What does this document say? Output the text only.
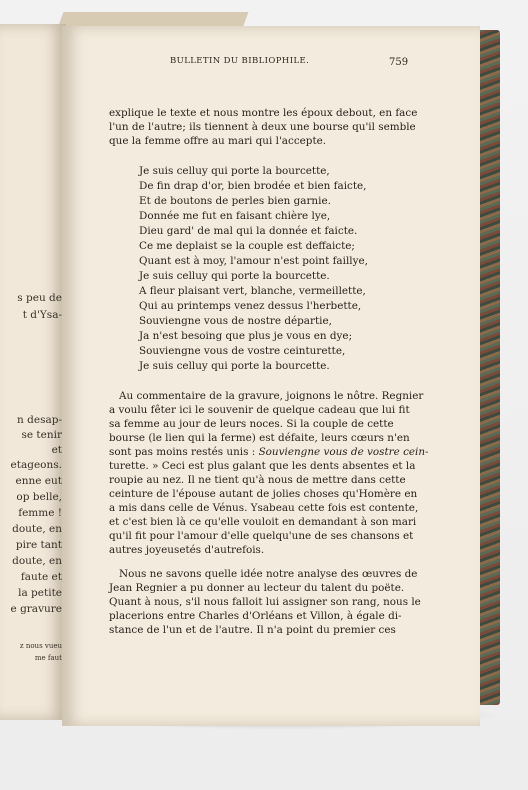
s peu de
t d'Ysa-
n desap-
se tenir
et
etageons.
enne eut
op belle,
femme !
doute, en
pire tant
doute, en
faute et
la petite
e gravure
z nous vueu
me faut
BULLETIN DU BIBLIOPHILE.	759
explique le texte et nous montre les époux debout, en face
l'un de l'autre; ils tiennent à deux une bourse qu'il semble
que la femme offre au mari qui l'accepte.
Je suis celluy qui porte la bourcette,
De fin drap d'or, bien brodée et bien faicte,
Et de boutons de perles bien garnie.
Donnée me fut en faisant chière lye,
Dieu gard' de mal qui la donnée et faicte.
Ce me deplaist se la couple est deffaicte;
Quant est à moy, l'amour n'est point faillye,
Je suis celluy qui porte la bourcette.
A fleur plaisant vert, blanche, vermeillette,
Qui au printemps venez dessus l'herbette,
Souviengne vous de nostre départie,
Ja n'est besoing que plus je vous en dye;
Souviengne vous de vostre ceinturette,
Je suis celluy qui porte la bourcette.
Au commentaire de la gravure, joignons le nôtre. Regnier
a voulu fêter ici le souvenir de quelque cadeau que lui fit
sa femme au jour de leurs noces. Si la couple de cette
bourse (le lien qui la ferme) est défaite, leurs cœurs n'en
sont pas moins restés unis : Souviengne vous de vostre cein-
turette. » Ceci est plus galant que les dents absentes et la
roupie au nez. Il ne tient qu'à nous de mettre dans cette
ceinture de l'épouse autant de jolies choses qu'Homère en
a mis dans celle de Vénus. Ysabeau cette fois est contente,
et c'est bien là ce qu'elle vouloit en demandant à son mari
qu'il fit pour l'amour d'elle quelqu'une de ses chansons et
autres joyeusetés d'autrefois.
Nous ne savons quelle idée notre analyse des œuvres de
Jean Regnier a pu donner au lecteur du talent du poëte.
Quant à nous, s'il nous falloit lui assigner son rang, nous le
placerions entre Charles d'Orléans et Villon, à égale di-
stance de l'un et de l'autre. Il n'a point du premier ces
